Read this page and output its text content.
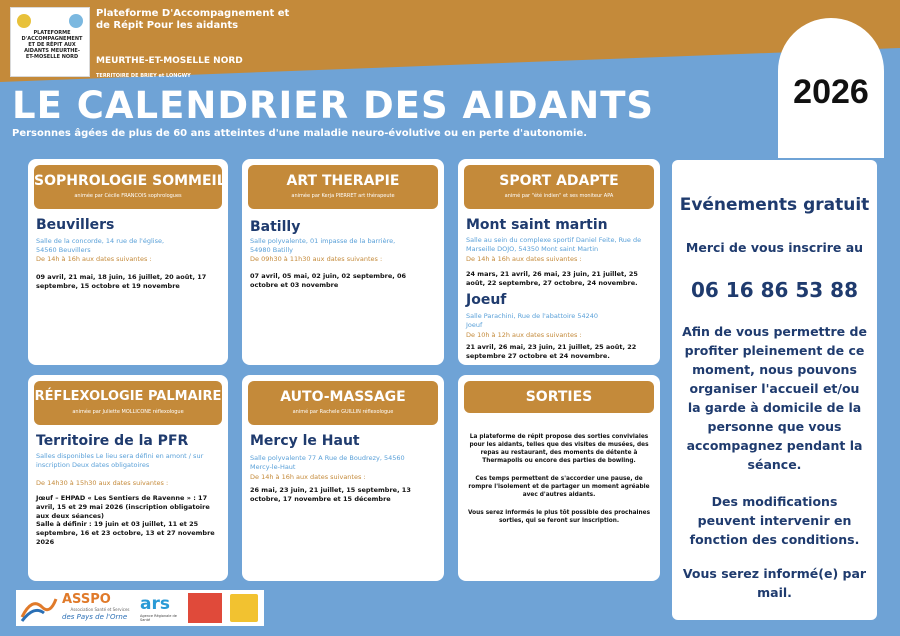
PLATEFORME D'ACCOMPAGNEMENT ET DE RÉPIT AUX AIDANTS MEURTHE-ET-MOSELLE NORD
Plateforme D'Accompagnement et de Répit Pour les aidants
MEURTHE-ET-MOSELLE NORD
TERRITOIRE DE BRIEY et LONGWY	2026
LE CALENDRIER DES AIDANTS
Personnes âgées de plus de 60 ans atteintes d'une maladie neuro-évolutive ou en perte d'autonomie.
SOPHROLOGIE SOMMEIL
animée par Cécile FRANCOIS sophrologues
Beuvillers
Salle de la concorde, 14 rue de l'église, 54560 Beuvillers
De 14h à 16h aux dates suivantes :
09 avril, 21 mai, 18 juin, 16 juillet, 20 août, 17 septembre, 15 octobre et 19 novembre
ART THERAPIE
animée par Kerja PIERRET art thérapeute
Batilly
Salle polyvalente, 01 impasse de la barrière, 54980 Batilly
De 09h30 à 11h30 aux dates suivantes :
07 avril, 05 mai, 02 juin, 02 septembre, 06 octobre et 03 novembre
SPORT ADAPTE
animé par "été indien" et ses moniteur APA
Mont saint martin
Salle au sein du complexe sportif Daniel Feite, Rue de Marseille DOJO, 54350 Mont saint Martin
De 14h à 16h aux dates suivantes :
24 mars, 21 avril, 26 mai, 23 juin, 21 juillet, 25 août, 22 septembre, 27 octobre, 24 novembre.
Joeuf
Salle Parachini, Rue de l'abattoire 54240 Joeuf
De 10h à 12h aux dates suivantes :
21 avril, 26 mai, 23 juin, 21 juillet, 25 août, 22 septembre 27 octobre et 24 novembre.
RÉFLEXOLOGIE PALMAIRE
animée par Juliette MOLLICONE réflexologue
Territoire de la PFR
Salles disponibles Le lieu sera défini en amont / sur inscription Deux dates obligatoires
De 14h30 à 15h30 aux dates suivantes :
Jœuf – EHPAD « Les Sentiers de Ravenne » : 17 avril, 15 et 29 mai 2026 (inscription obligatoire aux deux séances)
Salle à définir : 19 juin et 03 juillet, 11 et 25 septembre, 16 et 23 octobre, 13 et 27 novembre 2026
AUTO-MASSAGE
animé par Rachele GUILLIN réflexologue
Mercy le Haut
Salle polyvalente 77 A Rue de Boudrezy, 54560 Mercy-le-Haut
De 14h à 16h aux dates suivantes :
26 mai, 23 juin, 21 juillet, 15 septembre, 13 octobre, 17 novembre et 15 décembre
SORTIES
La plateforme de répit propose des sorties conviviales pour les aidants, telles que des visites de musées, des repas au restaurant, des moments de détente à Thermapolis ou encore des parties de bowling.
Ces temps permettent de s'accorder une pause, de rompre l'isolement et de partager un moment agréable avec d'autres aidants.
Vous serez informés le plus tôt possible des prochaines sorties, qui se feront sur inscription.
Evénements gratuit
Merci de vous inscrire au
06 16 86 53 88
Afin de vous permettre de profiter pleinement de ce moment, nous pouvons organiser l'accueil et/ou la garde à domicile de la personne que vous accompagnez pendant la séance.
Des modifications peuvent intervenir en fonction des conditions.
Vous serez informé(e) par mail.
ASSPO
Association Santé et Services
des Pays de l'Orne
ars
Agence Régionale de Santé
